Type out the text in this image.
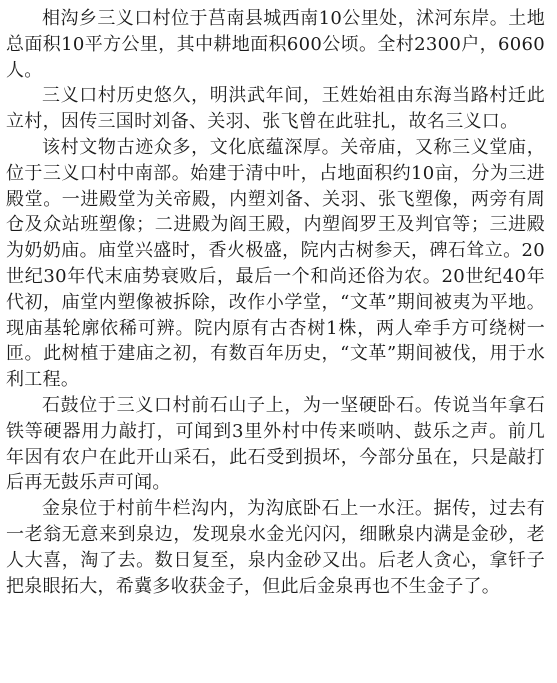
相沟乡三义口村位于莒南县城西南10公里处，沭河东岸。土地总面积10平方公里，其中耕地面积600公顷。全村2300户，6060人。

三义口村历史悠久，明洪武年间，王姓始祖由东海当路村迁此立村，因传三国时刘备、关羽、张飞曾在此驻扎，故名三义口。

该村文物古迹众多，文化底蕴深厚。关帝庙，又称三义堂庙，位于三义口村中南部。始建于清中叶，占地面积约10亩，分为三进殿堂。一进殿堂为关帝殿，内塑刘备、关羽、张飞塑像，两旁有周仓及众站班塑像；二进殿为阎王殿，内塑阎罗王及判官等；三进殿为奶奶庙。庙堂兴盛时，香火极盛，院内古树参天，碑石耸立。20世纪30年代末庙势衰败后，最后一个和尚还俗为农。20世纪40年代初，庙堂内塑像被拆除，改作小学堂，“文革”期间被夷为平地。现庙基轮廓依稀可辨。院内原有古杏树1株，两人牵手方可绕树一匝。此树植于建庙之初，有数百年历史，“文革”期间被伐，用于水利工程。

石鼓位于三义口村前石山子上，为一坚硬卧石。传说当年拿石铁等硬器用力敲打，可闻到3里外村中传来唢呐、鼓乐之声。前几年因有农户在此开山采石，此石受到损坏，今部分虽在，只是敲打后再无鼓乐声可闻。

金泉位于村前牛栏沟内，为沟底卧石上一水汪。据传，过去有一老翁无意来到泉边，发现泉水金光闪闪，细瞅泉内满是金砂，老人大喜，淘了去。数日复至，泉内金砂又出。后老人贪心，拿钎子把泉眼拓大，希冀多收获金子，但此后金泉再也不生金子了。
